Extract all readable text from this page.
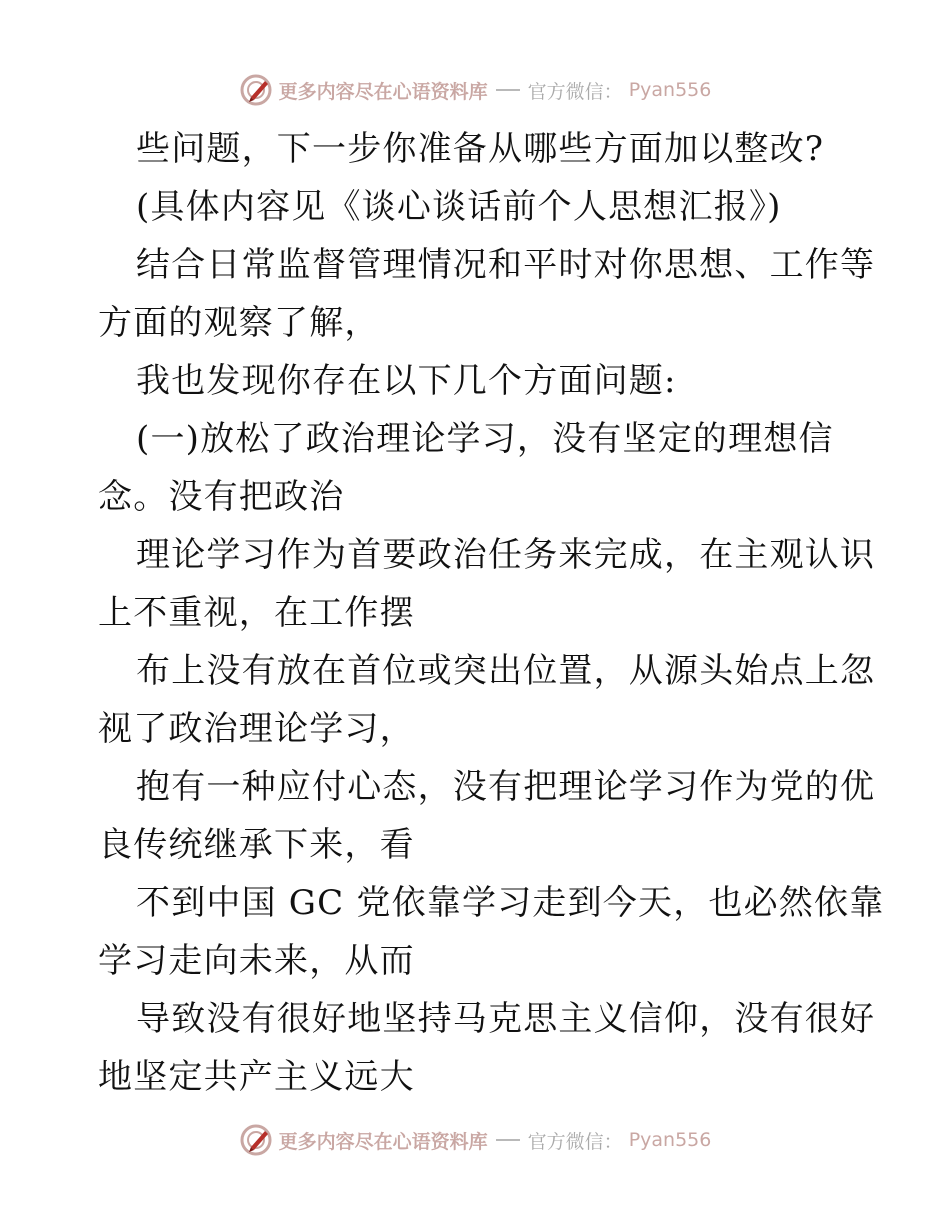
更多内容尽在心语资料库 官方微信： Pyan556
些问题，下一步你准备从哪些方面加以整改?
(具体内容见《谈心谈话前个人思想汇报》)
结合日常监督管理情况和平时对你思想、工作等
方面的观察了解，
我也发现你存在以下几个方面问题:
(一)放松了政治理论学习，没有坚定的理想信
念。没有把政治
理论学习作为首要政治任务来完成，在主观认识
上不重视，在工作摆
布上没有放在首位或突出位置，从源头始点上忽
视了政治理论学习，
抱有一种应付心态，没有把理论学习作为党的优
良传统继承下来，看
不到中国 GC 党依靠学习走到今天，也必然依靠
学习走向未来，从而
导致没有很好地坚持马克思主义信仰，没有很好
地坚定共产主义远大
更多内容尽在心语资料库 官方微信： Pyan556
